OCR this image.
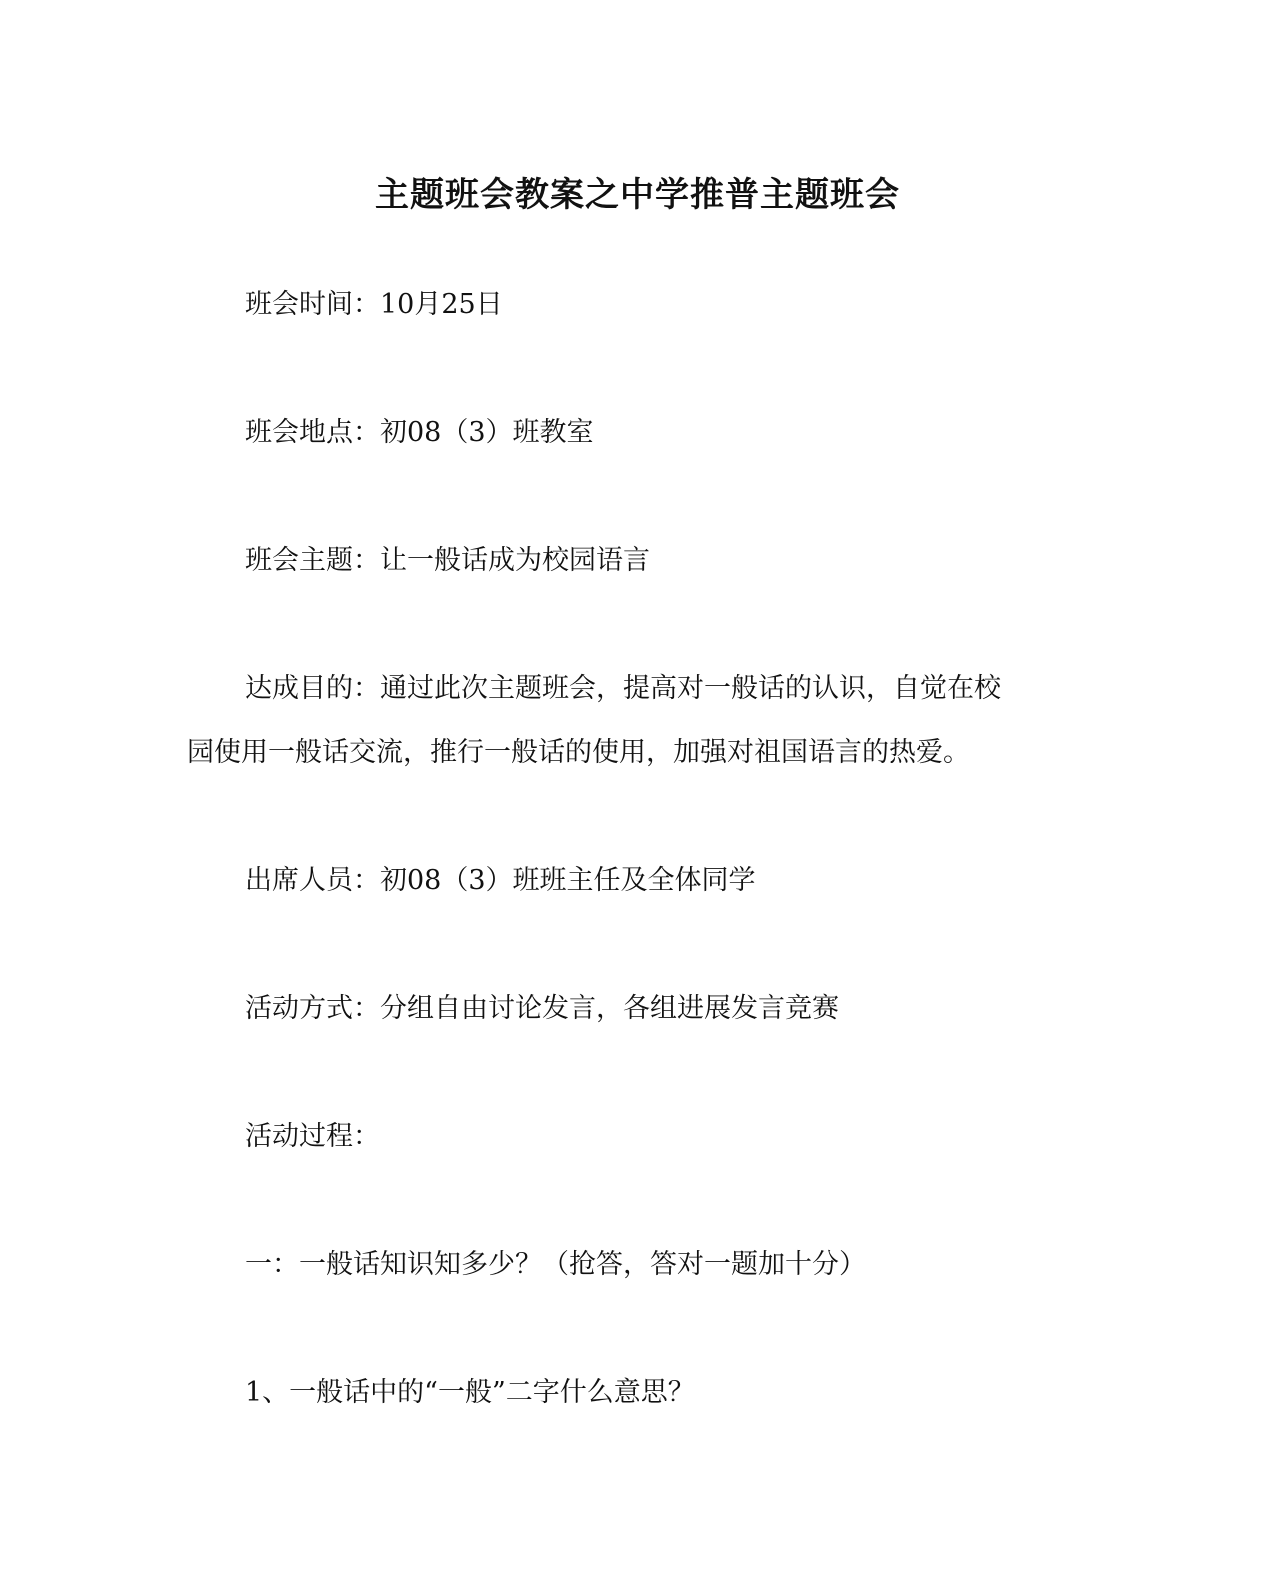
主题班会教案之中学推普主题班会
班会时间：10月25日
班会地点：初08（3）班教室
班会主题：让一般话成为校园语言
达成目的：通过此次主题班会，提高对一般话的认识，自觉在校
园使用一般话交流，推行一般话的使用，加强对祖国语言的热爱。
出席人员：初08（3）班班主任及全体同学
活动方式：分组自由讨论发言，各组进展发言竞赛
活动过程：
一：一般话知识知多少？（抢答，答对一题加十分）
1、一般话中的“一般”二字什么意思？
